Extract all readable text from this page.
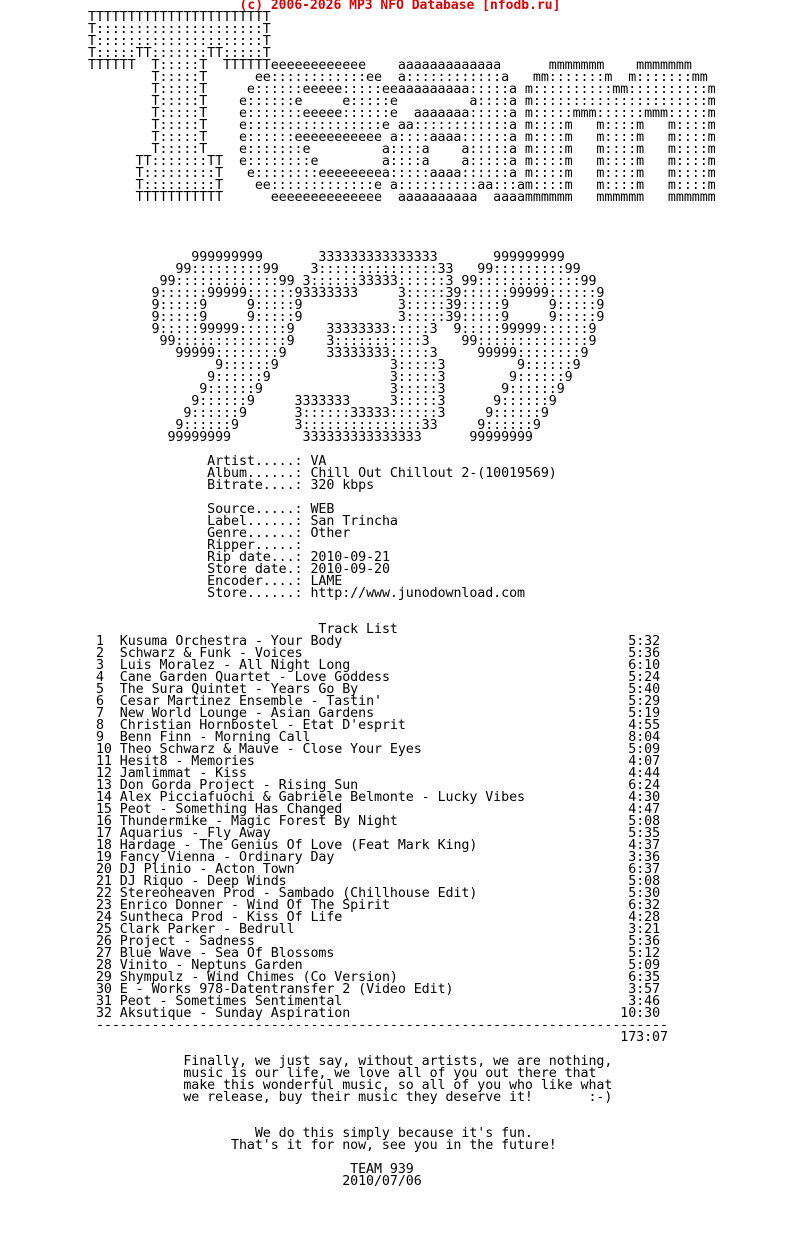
(c) 2006-2026 MP3 NFO Database [nfodb.ru]
TTTTTTTTTTTTTTTTTTTTTTT
T:::::::::::::::::::::T
T:::::::::::::::::::::T
T:::::TT:::::::TT:::::T
TTTTTT  T:::::T  TTTTTTeeeeeeeeeeee    aaaaaaaaaaaaa      mmmmmmm    mmmmmmm
T:::::T      ee::::::::::::ee  a::::::::::::a   mm:::::::m  m:::::::mm
T:::::T     e::::::eeeee:::::eeaaaaaaaaa:::::a m::::::::::mm::::::::::m
T:::::T    e::::::e     e:::::e         a::::a m::::::::::::::::::::::m
T:::::T    e:::::::eeeee::::::e  aaaaaaa:::::a m:::::mmm::::::mmm:::::m
T:::::T    e:::::::::::::::::e aa::::::::::::a m::::m   m::::m   m::::m
T:::::T    e::::::eeeeeeeeeee a::::aaaa::::::a m::::m   m::::m   m::::m
T:::::T    e:::::::e         a::::a    a:::::a m::::m   m::::m   m::::m
TT:::::::TT  e::::::::e        a::::a    a:::::a m::::m   m::::m   m::::m
T:::::::::T   e::::::::eeeeeeeea:::::aaaa::::::a m::::m   m::::m   m::::m
T:::::::::T    ee:::::::::::::e a::::::::::aa:::am::::m   m::::m   m::::m
TTTTTTTTTTT      eeeeeeeeeeeeee  aaaaaaaaaa  aaaammmmmm   mmmmmm   mmmmmm

999999999       333333333333333       999999999
99:::::::::99    3:::::::::::::::33   99:::::::::99
99:::::::::::::99 3::::::33333::::::3 99:::::::::::::99
9::::::99999::::::93333333     3:::::39::::::99999::::::9
9:::::9     9:::::9            3:::::39:::::9     9:::::9
9:::::9     9:::::9            3:::::39:::::9     9:::::9
9:::::99999::::::9    33333333:::::3  9:::::99999::::::9
99::::::::::::::9    3:::::::::::3    99::::::::::::::9
99999::::::::9     33333333:::::3     99999::::::::9
9::::::9              3:::::3         9::::::9
9::::::9               3:::::3        9::::::9
9::::::9                3:::::3       9::::::9
9::::::9     3333333     3:::::3      9::::::9
9::::::9      3::::::33333::::::3     9::::::9
9::::::9       3:::::::::::::::33     9::::::9
99999999         333333333333333      99999999

Artist.....: VA
Album......: Chill Out Chillout 2-(10019569)
Bitrate....: 320 kbps

Source.....: WEB
Label......: San Trincha
Genre......: Other
Ripper.....:
Rip date...: 2010-09-21
Store date.: 2010-09-20
Encoder....: LAME
Store......: http://www.junodownload.com

Track List
1 Kusuma Orchestra - Your Body	5:32
2 Schwarz & Funk - Voices	5:36
3 Luis Moralez - All Night Long	6:10
4 Cane Garden Quartet - Love Goddess	5:24
5 The Sura Quintet - Years Go By	5:40
6 Cesar Martinez Ensemble - Tastin'	5:29
7 New World Lounge - Asian Gardens	5:19
8 Christian Hornbostel - Etat D'esprit	4:55
9 Benn Finn - Morning Call	8:04
10 Theo Schwarz & Mauve - Close Your Eyes	5:09
11 Hesit8 - Memories	4:07
12 Jamlimmat - Kiss	4:44
13 Don Gorda Project - Rising Sun	6:24
14 Alex Picciafuochi & Gabriele Belmonte - Lucky Vibes	4:30
15 Peot - Something Has Changed	4:47
16 Thundermike - Magic Forest By Night	5:08
17 Aquarius - Fly Away	5:35
18 Hardage - The Genius Of Love (Feat Mark King)	4:37
19 Fancy Vienna - Ordinary Day	3:36
20 DJ Plinio - Acton Town	6:37
21 DJ Riquo - Deep Winds	5:08
22 Stereoheaven Prod - Sambado (Chillhouse Edit)	5:30
23 Enrico Donner - Wind Of The Spirit	6:32
24 Suntheca Prod - Kiss Of Life	4:28
25 Clark Parker - Bedrull	3:21
26 Project - Sadness	5:36
27 Blue Wave - Sea Of Blossoms	5:12
28 Vinito - Neptuns Garden	5:09
29 Shympulz - Wind Chimes (Co Version)	6:35
30 E - Works 978-Datentransfer 2 (Video Edit)	3:57
31 Peot - Sometimes Sentimental	3:46
32 Aksutique - Sunday Aspiration	10:30
------------------------------------------------------------------------
173:07

Finally, we just say, without artists, we are nothing,
music is our life, we love all of you out there that
make this wonderful music, so all of you who like what
we release, buy their music they deserve it!       :-)

We do this simply because it's fun.
That's it for now, see you in the future!

TEAM 939
2010/07/06
